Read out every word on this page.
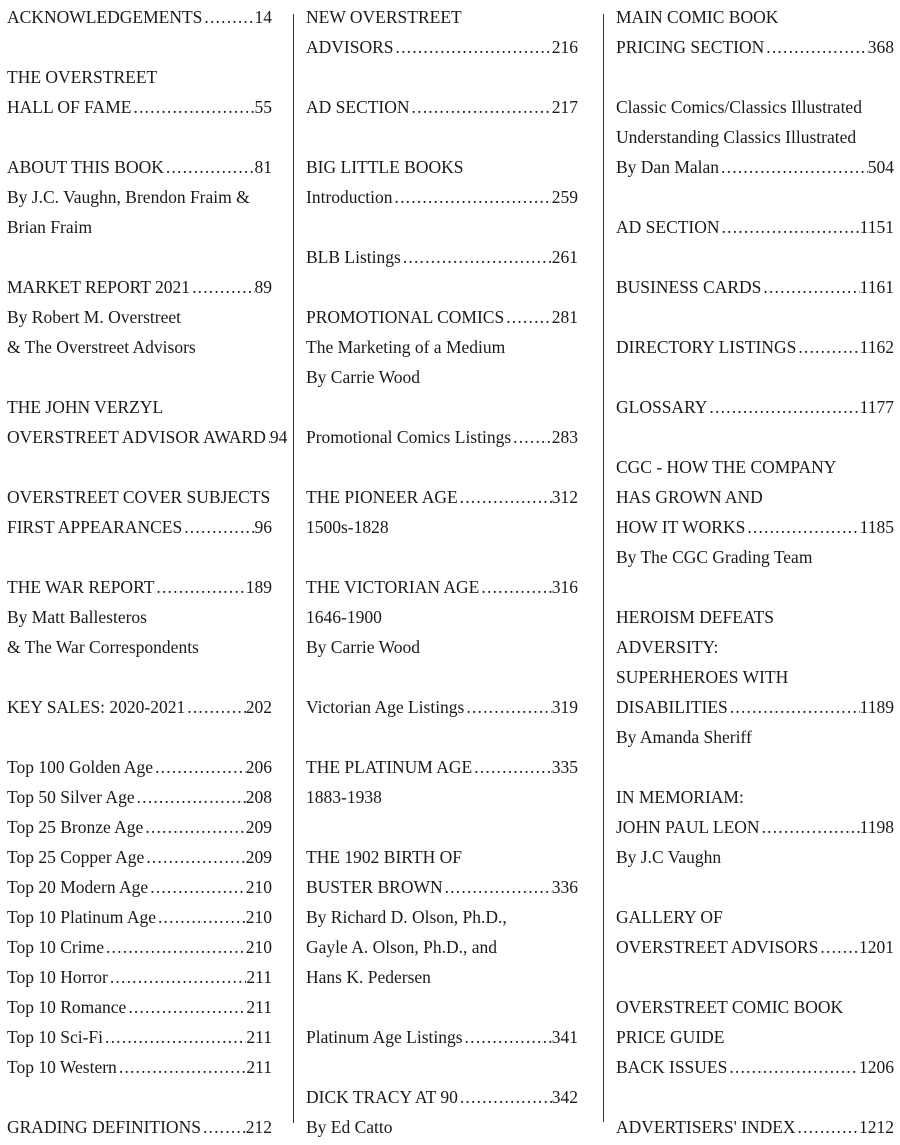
ACKNOWLEDGEMENTS .....	14
THE OVERSTREET
HALL OF FAME .....	55
ABOUT THIS BOOK .....	81
By J.C. Vaughn, Brendon Fraim &
Brian Fraim
MARKET REPORT 2021 .....	89
By Robert M. Overstreet
& The Overstreet Advisors
THE JOHN VERZYL
OVERSTREET ADVISOR AWARD ..... 94
OVERSTREET COVER SUBJECTS
FIRST APPEARANCES .....	96
THE WAR REPORT .....	189
By Matt Ballesteros
& The War Correspondents
KEY SALES: 2020-2021 .....	202
Top 100 Golden Age .....	206
Top 50 Silver Age .....	208
Top 25 Bronze Age .....	209
Top 25 Copper Age .....	209
Top 20 Modern Age .....	210
Top 10 Platinum Age .....	210
Top 10 Crime .....	210
Top 10 Horror .....	211
Top 10 Romance .....	211
Top 10 Sci-Fi .....	211
Top 10 Western .....	211
GRADING DEFINITIONS .....	212
NEW OVERSTREET
ADVISORS .....	216
AD SECTION .....	217
BIG LITTLE BOOKS
Introduction .....	259
BLB Listings .....	261
PROMOTIONAL COMICS .....	281
The Marketing of a Medium
By Carrie Wood
Promotional Comics Listings ..... 283
THE PIONEER AGE .....	312
1500s-1828
THE VICTORIAN AGE .....	316
1646-1900
By Carrie Wood
Victorian Age Listings .....	319
THE PLATINUM AGE .....	335
1883-1938
THE 1902 BIRTH OF
BUSTER BROWN .....	336
By Richard D. Olson, Ph.D.,
Gayle A. Olson, Ph.D., and
Hans K. Pedersen
Platinum Age Listings .....	341
DICK TRACY AT 90 .....	342
By Ed Catto
MAIN COMIC BOOK
PRICING SECTION .....	368
Classic Comics/Classics Illustrated
Understanding Classics Illustrated
By Dan Malan .....	504
AD SECTION .....	1151
BUSINESS CARDS .....	1161
DIRECTORY LISTINGS .....	1162
GLOSSARY .....	1177
CGC - HOW THE COMPANY
HAS GROWN AND
HOW IT WORKS .....	1185
By The CGC Grading Team
HEROISM DEFEATS
ADVERSITY:
SUPERHEROES WITH
DISABILITIES .....	1189
By Amanda Sheriff
IN MEMORIAM:
JOHN PAUL LEON .....	1198
By J.C Vaughn
GALLERY OF
OVERSTREET ADVISORS ..... 1201
OVERSTREET COMIC BOOK
PRICE GUIDE
BACK ISSUES .....	1206
ADVERTISERS' INDEX .....	1212
